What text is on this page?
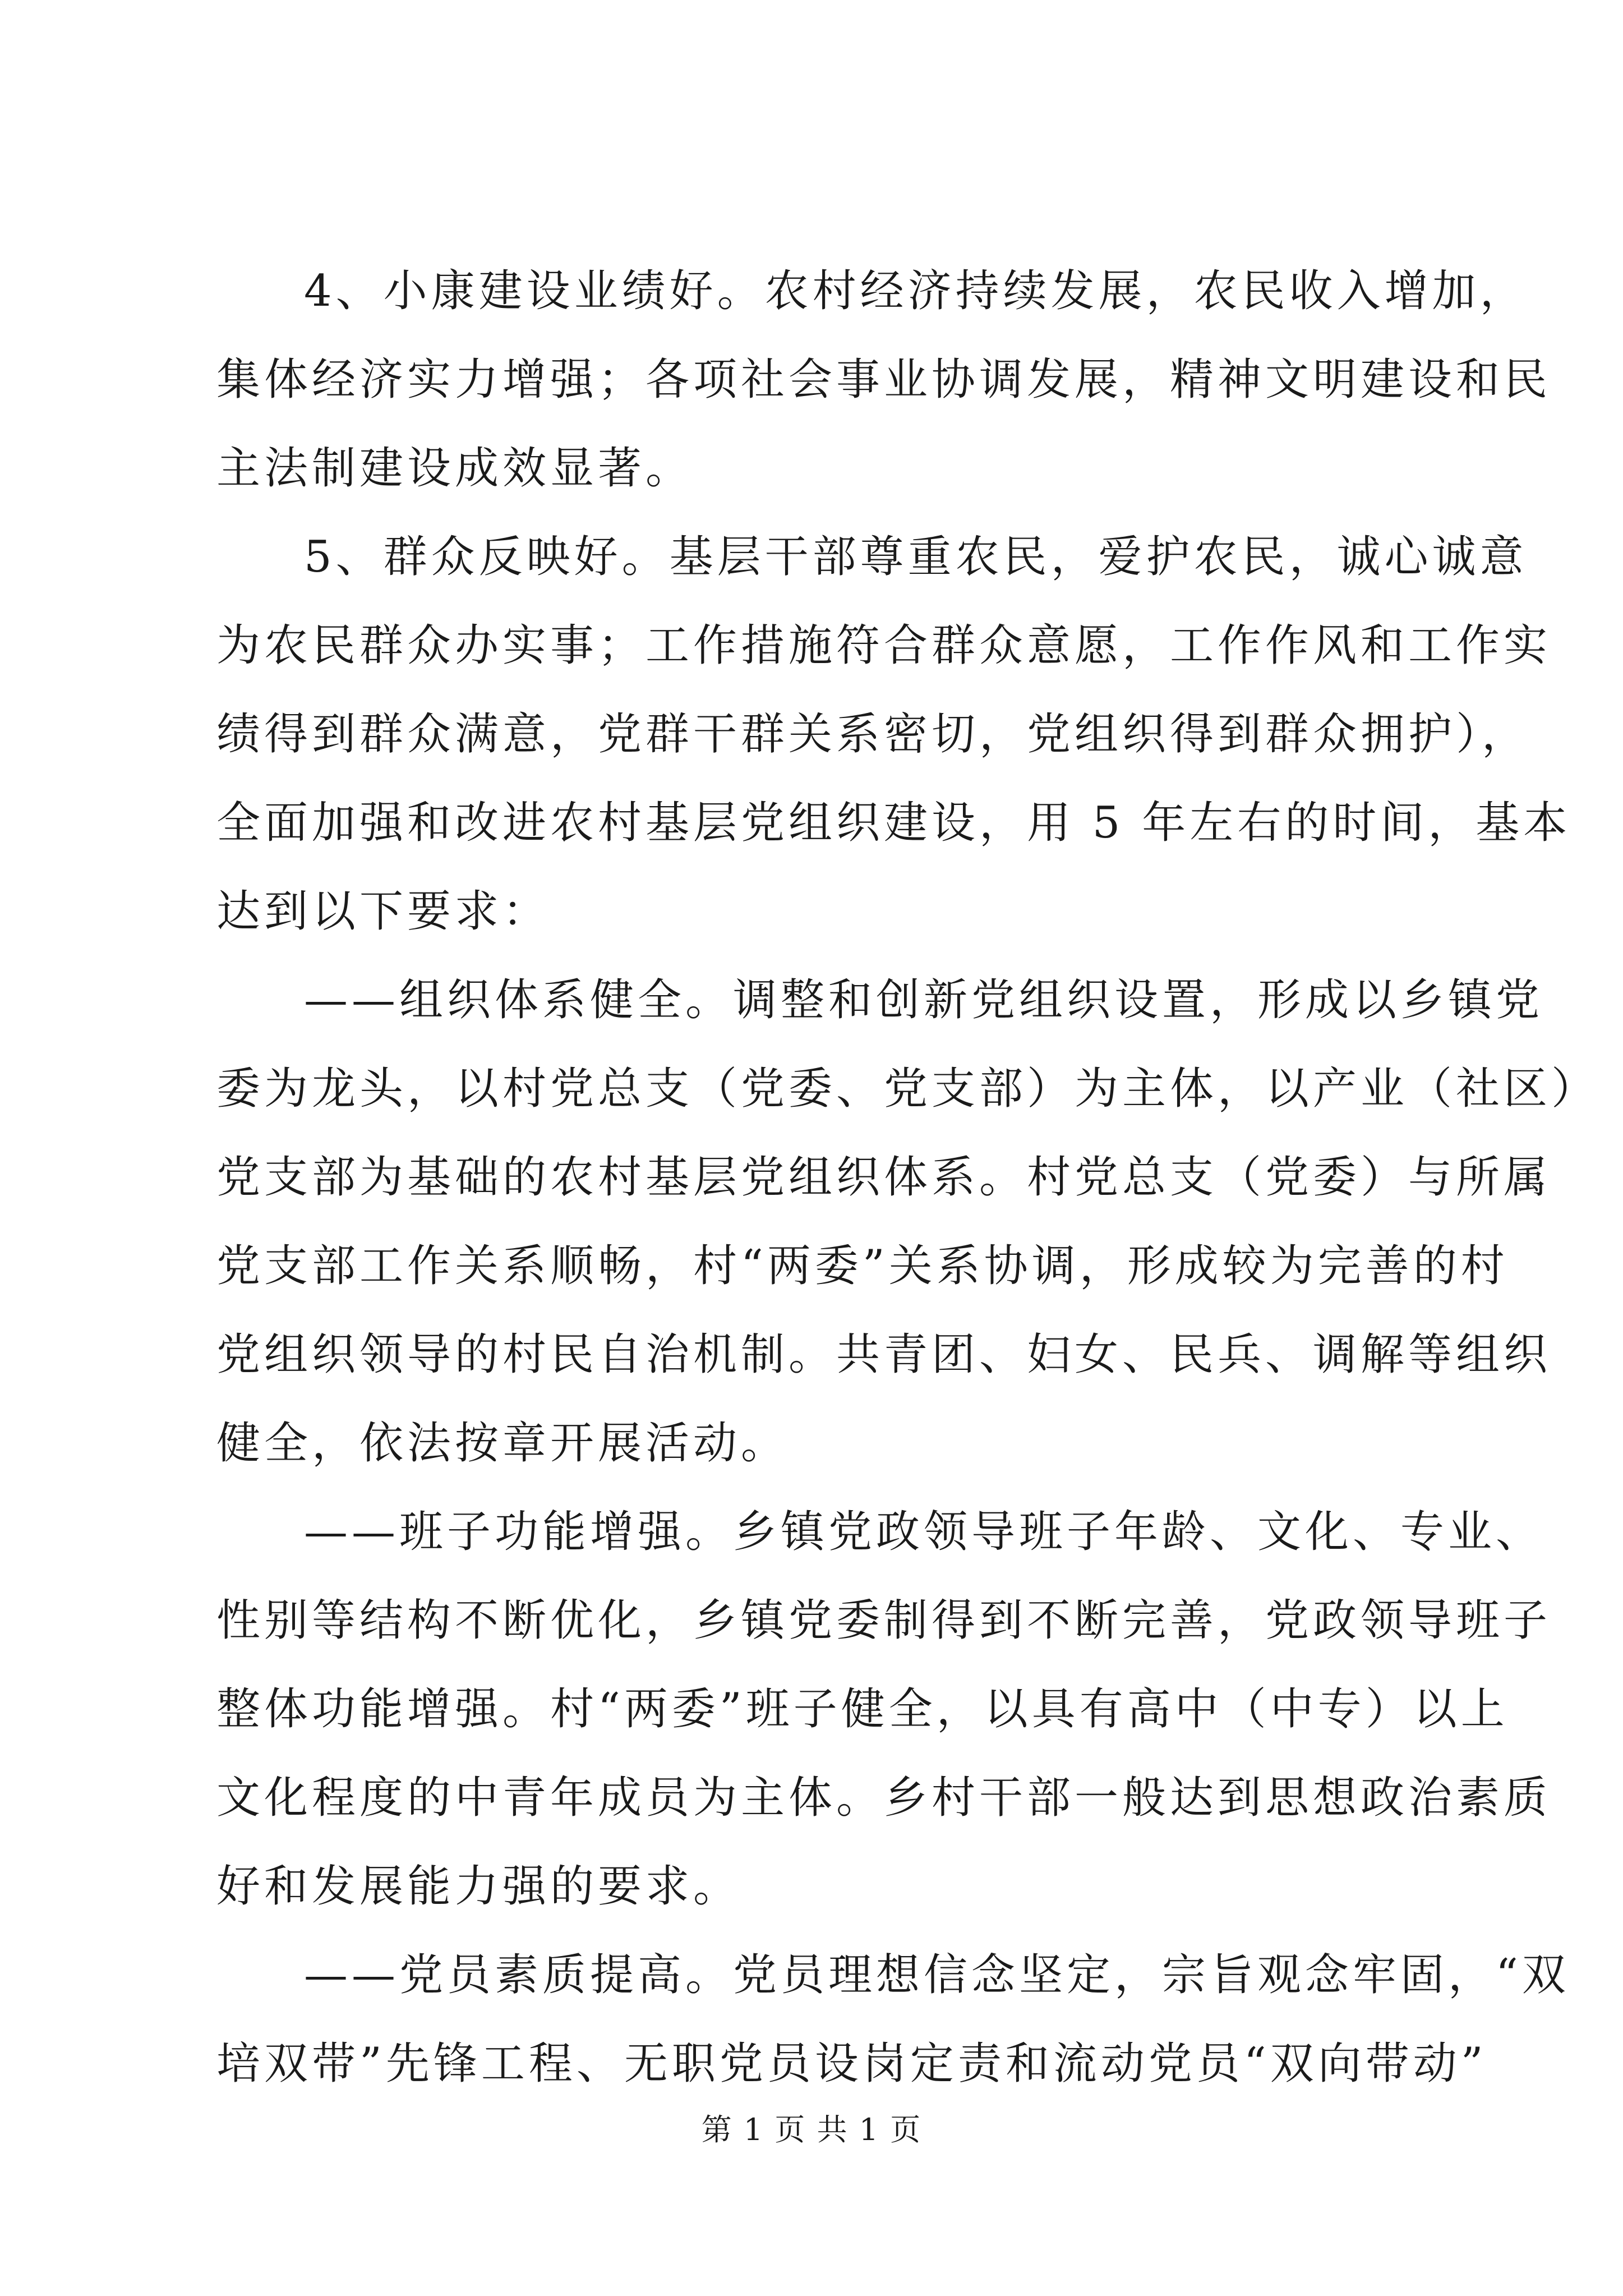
4、小康建设业绩好。农村经济持续发展，农民收入增加，
集体经济实力增强；各项社会事业协调发展，精神文明建设和民
主法制建设成效显著。
5、群众反映好。基层干部尊重农民，爱护农民，诚心诚意
为农民群众办实事；工作措施符合群众意愿，工作作风和工作实
绩得到群众满意，党群干群关系密切，党组织得到群众拥护），
全面加强和改进农村基层党组织建设，用 5 年左右的时间，基本
达到以下要求：
——组织体系健全。调整和创新党组织设置，形成以乡镇党
委为龙头，以村党总支（党委、党支部）为主体，以产业（社区）
党支部为基础的农村基层党组织体系。村党总支（党委）与所属
党支部工作关系顺畅，村“两委”关系协调，形成较为完善的村
党组织领导的村民自治机制。共青团、妇女、民兵、调解等组织
健全，依法按章开展活动。
——班子功能增强。乡镇党政领导班子年龄、文化、专业、
性别等结构不断优化，乡镇党委制得到不断完善，党政领导班子
整体功能增强。村“两委”班子健全，以具有高中（中专）以上
文化程度的中青年成员为主体。乡村干部一般达到思想政治素质
好和发展能力强的要求。
——党员素质提高。党员理想信念坚定，宗旨观念牢固，“双
培双带”先锋工程、无职党员设岗定责和流动党员“双向带动”
第 1 页 共 1 页
